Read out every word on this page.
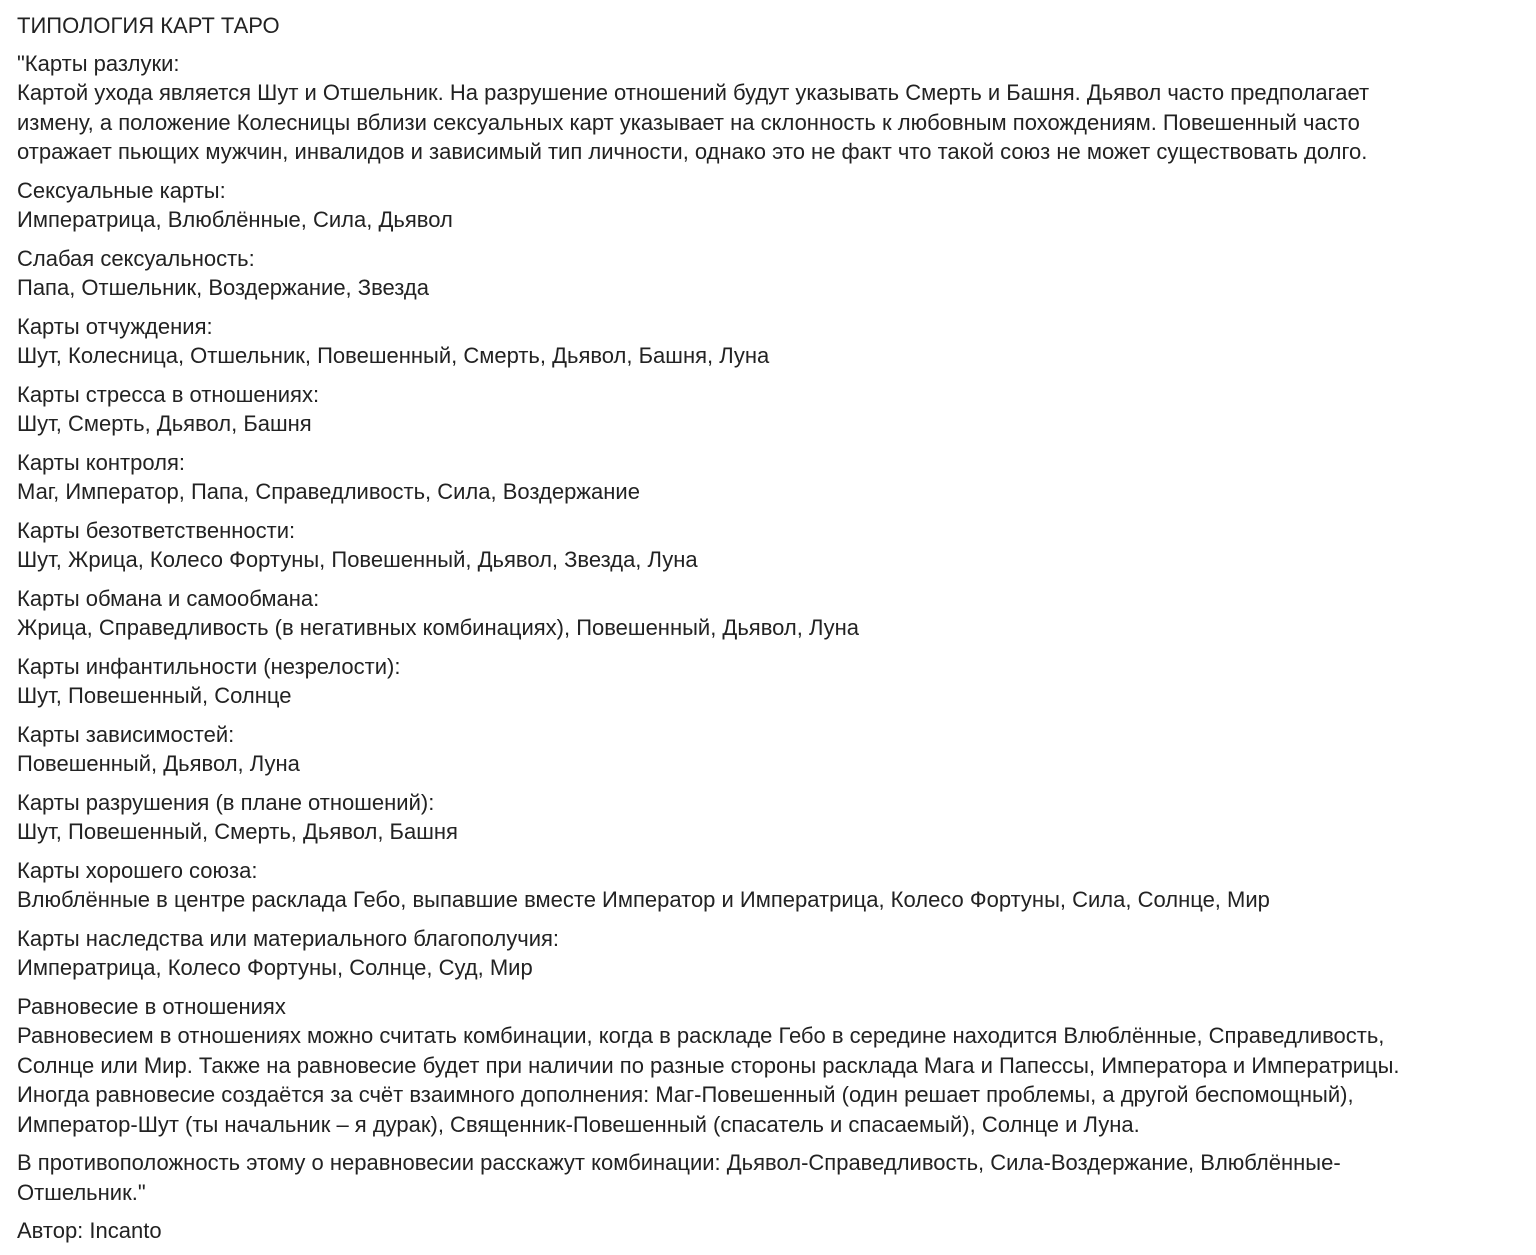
ТИПОЛОГИЯ КАРТ ТАРО

"Карты разлуки:
Картой ухода является Шут и Отшельник. На разрушение отношений будут указывать Смерть и Башня. Дьявол часто предполагает
измену, а положение Колесницы вблизи сексуальных карт указывает на склонность к любовным похождениям. Повешенный часто
отражает пьющих мужчин, инвалидов и зависимый тип личности, однако это не факт что такой союз не может существовать долго.

Сексуальные карты:
Императрица, Влюблённые, Сила, Дьявол

Слабая сексуальность:
Папа, Отшельник, Воздержание, Звезда

Карты отчуждения:
Шут, Колесница, Отшельник, Повешенный, Смерть, Дьявол, Башня, Луна

Карты стресса в отношениях:
Шут, Смерть, Дьявол, Башня

Карты контроля:
Маг, Император, Папа, Справедливость, Сила, Воздержание

Карты безответственности:
Шут, Жрица, Колесо Фортуны, Повешенный, Дьявол, Звезда, Луна

Карты обмана и самообмана:
Жрица, Справедливость (в негативных комбинациях), Повешенный, Дьявол, Луна

Карты инфантильности (незрелости):
Шут, Повешенный, Солнце

Карты зависимостей:
Повешенный, Дьявол, Луна

Карты разрушения (в плане отношений):
Шут, Повешенный, Смерть, Дьявол, Башня

Карты хорошего союза:
Влюблённые в центре расклада Гебо, выпавшие вместе Император и Императрица, Колесо Фортуны, Сила, Солнце, Мир

Карты наследства или материального благополучия:
Императрица, Колесо Фортуны, Солнце, Суд, Мир

Равновесие в отношениях
Равновесием в отношениях можно считать комбинации, когда в раскладе Гебо в середине находится Влюблённые, Справедливость,
Солнце или Мир. Также на равновесие будет при наличии по разные стороны расклада Мага и Папессы, Императора и Императрицы.
Иногда равновесие создаётся за счёт взаимного дополнения: Маг-Повешенный (один решает проблемы, а другой беспомощный),
Император-Шут (ты начальник – я дурак), Священник-Повешенный (спасатель и спасаемый), Солнце и Луна.

В противоположность этому о неравновесии расскажут комбинации: Дьявол-Справедливость, Сила-Воздержание, Влюблённые-
Отшельник."

Автор: Incanto
